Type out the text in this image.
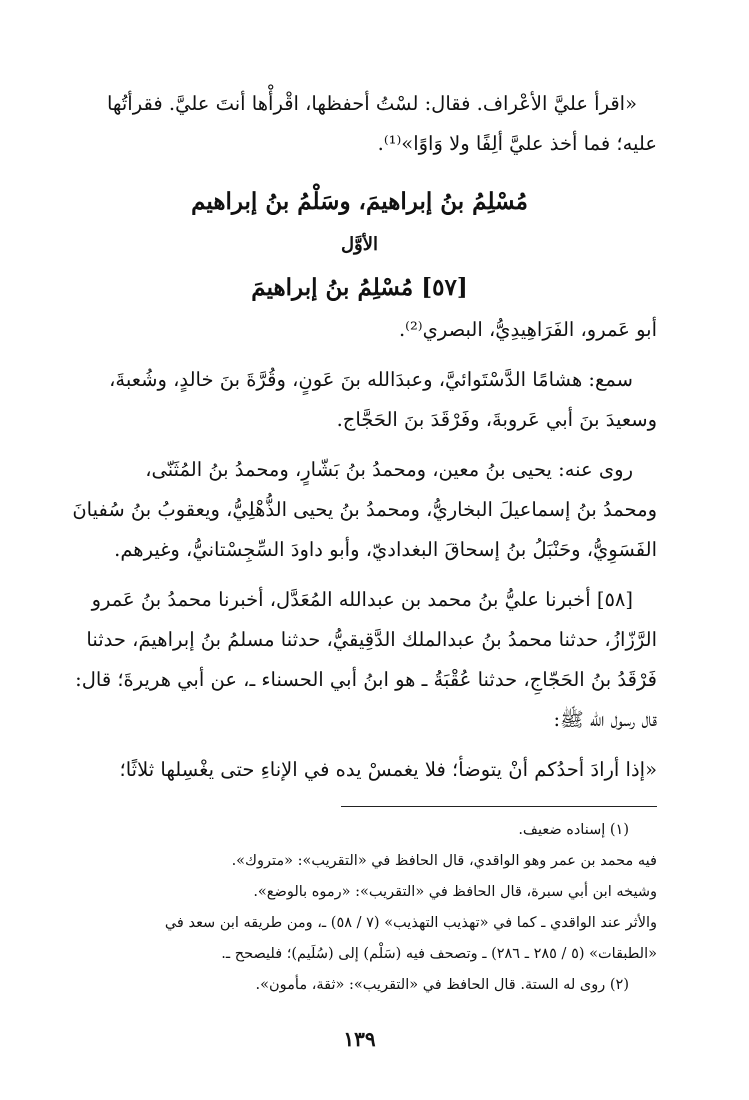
«اقرأ عليَّ الأعْراف. فقال: لسْتُ أحفظها، اقْرأْها أنتَ عليَّ. فقرأتُها

عليه؛ فما أخذ عليَّ ألِفًا ولا وَاوًا»⁽¹⁾.

مُسْلِمُ بنُ إبراهيمَ، وسَلْمُ بنُ إبراهيم
الأوَّل
[٥٧] مُسْلِمُ بنُ إبراهيمَ

أبو عَمرو، الفَرَاهِيدِيُّ، البصري⁽²⁾.

سمع: هشامًا الدَّسْتَوائيَّ، وعبدَالله بنَ عَونٍ، وقُرَّةَ بنَ خالدٍ، وشُعبةَ،

وسعيدَ بنَ أبي عَروبةَ، وفَرْقَدَ بنَ الحَجَّاج.

روى عنه: يحيى بنُ معين، ومحمدُ بنُ بَشّارٍ، ومحمدُ بنُ المُثَنّى،

ومحمدُ بنُ إسماعيلَ البخاريُّ، ومحمدُ بنُ يحيى الذُّهْلِيُّ، ويعقوبُ بنُ سُفيانَ

الفَسَوِيُّ، وحَنْبَلُ بنُ إسحاقَ البغداديّ، وأبو داودَ السِّجِسْتانيُّ، وغيرهم.

[٥٨] أخبرنا عليُّ بنُ محمد بن عبدالله المُعَدَّل، أخبرنا محمدُ بنُ عَمرو

الرَّزّازُ، حدثنا محمدُ بنُ عبدالملك الدَّقِيقيُّ، حدثنا مسلمُ بنُ إبراهيمَ، حدثنا

فَرْقَدُ بنُ الحَجّاجِ، حدثنا عُقْبَةُ ـ هو ابنُ أبي الحسناء ـ، عن أبي هريرةَ؛ قال:

قال رسول الله ﷺ:

«إذا أرادَ أحدُكم أنْ يتوضأ؛ فلا يغمسْ يده في الإناءِ حتى يغْسِلها ثلاثًا؛

(١) إسناده ضعيف.

فيه محمد بن عمر وهو الواقدي، قال الحافظ في «التقريب»: «متروك».

وشيخه ابن أبي سبرة، قال الحافظ في «التقريب»: «رموه بالوضع».

والأثر عند الواقدي ـ كما في «تهذيب التهذيب» (٧ / ٥٨) ـ، ومن طريقه ابن سعد في

«الطبقات» (٥ / ٢٨٥ ـ ٢٨٦) ـ وتصحف فيه (سَلْم) إلى (سُلَيم)؛ فليصحح ـ.

(٢) روى له الستة. قال الحافظ في «التقريب»: «ثقة، مأمون».

١٣٩
